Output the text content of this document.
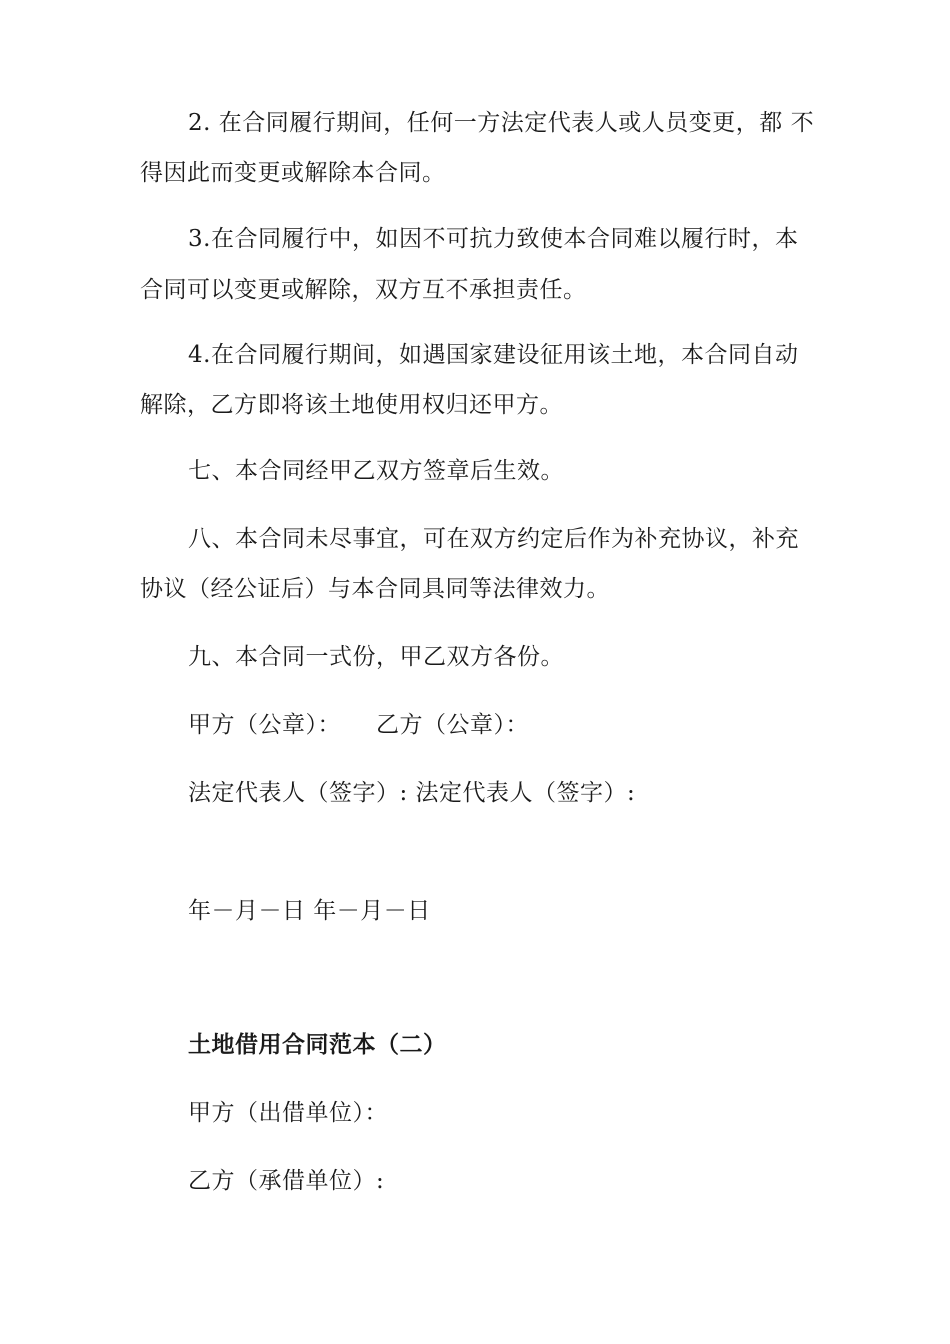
2. 在合同履行期间，任何一方法定代表人或人员变更，都 不
得因此而变更或解除本合同。
3.在合同履行中，如因不可抗力致使本合同难以履行时，本
合同可以变更或解除，双方互不承担责任。
4.在合同履行期间，如遇国家建设征用该土地，本合同自动
解除，乙方即将该土地使用权归还甲方。
七、本合同经甲乙双方签章后生效。
八、本合同未尽事宜，可在双方约定后作为补充协议，补充
协议（经公证后）与本合同具同等法律效力。
九、本合同一式份，甲乙双方各份。
甲方（公章）： 乙方（公章）：
法定代表人（签字）: 法定代表人（签字）:
年－月－日 年－月－日
土地借用合同范本（二）
甲方（出借单位）：
乙方（承借单位）:
